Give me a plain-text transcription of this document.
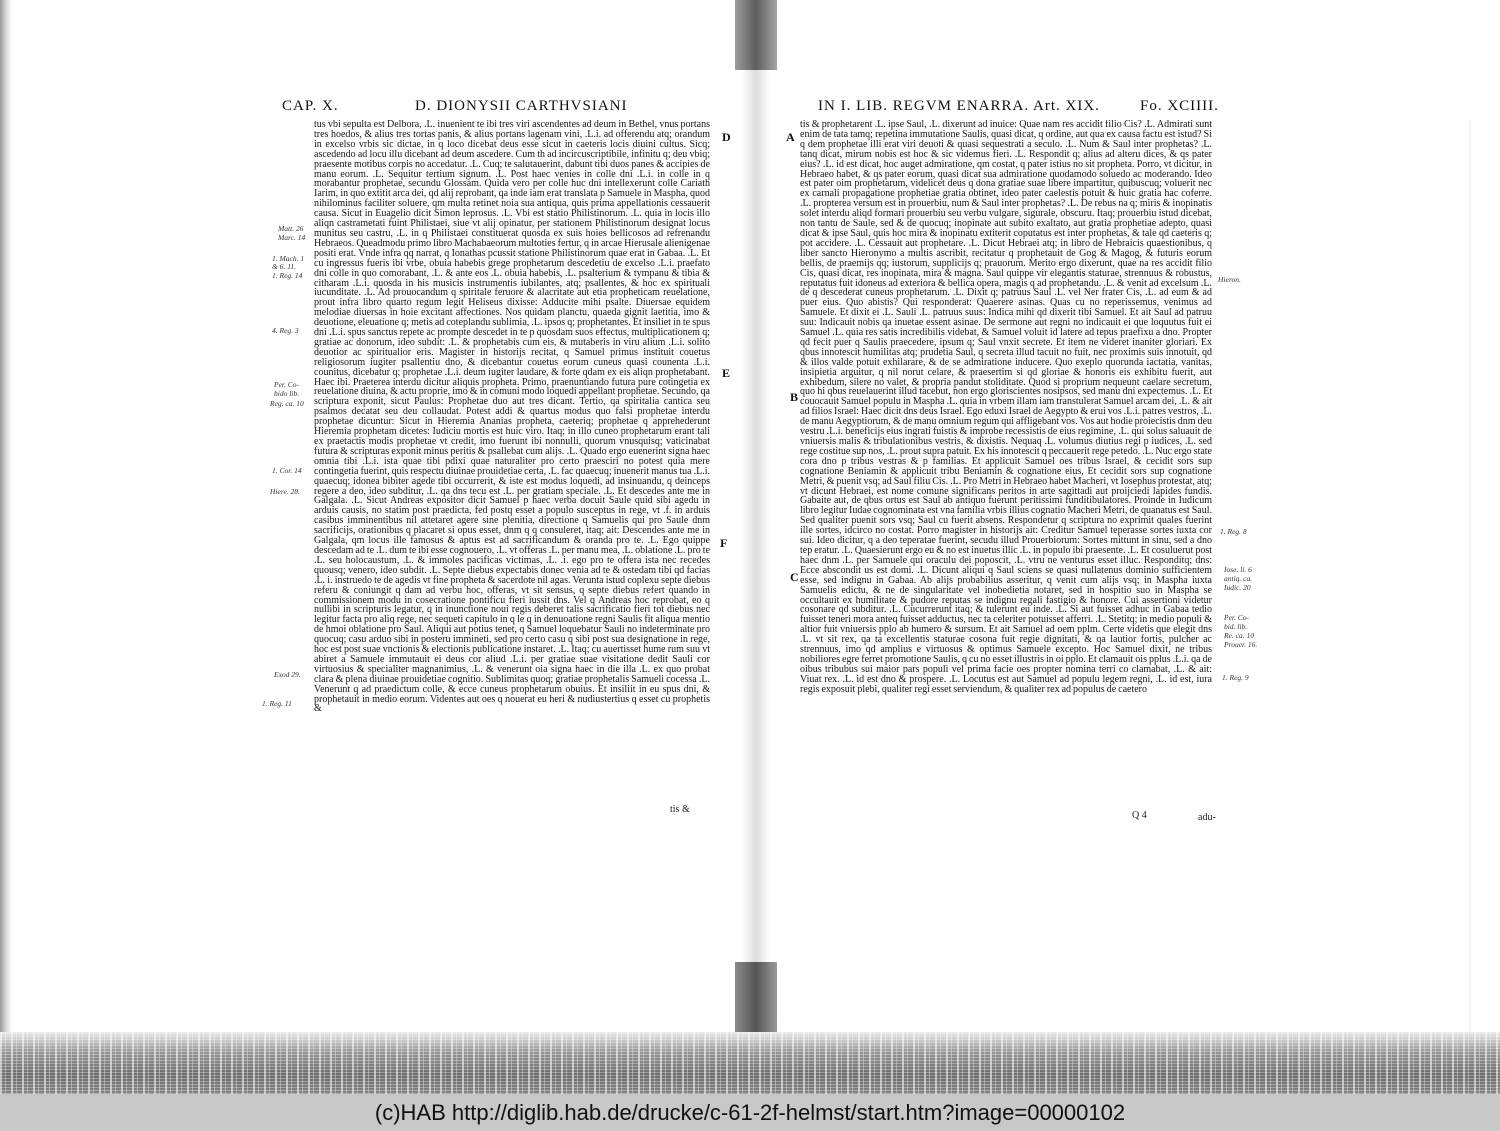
CAP. X.	D. DIONYSII CARTHVSIANI

tus vbi sepulta est Delbora, .L. inuenient te ibi tres viri ascendentes ad deum in Bethel, vnus portans tres hoedos, & alius tres tortas panis, & alius portans lagenam vini, .L.i. ad offerendu atq; orandum in excelso vrbis sic dictae, in q loco dicebat deus esse sicut in caeteris locis diuini cultus. Sicq; ascedendo ad locu illu dicebant ad deum ascedere. Cum th ad incircuscriptibile, infinitu q; deu vbiq; praesente motibus corpis no accedatur. .L. Cuq; te salutauerint, dabunt tibi duos panes & accipies de manu eorum. .L. Sequitur tertium signum. .L. Post haec venies in colle dni .L.i. in colle in q morabantur prophetae, secundu Glossam. Quida vero per colle huc dni intellexerunt colle Cariath Iarim, in quo extitit arca dei, qd alij reprobant, qa inde iam erat translata p Samuele in Maspha, quod nihilominus faciliter soluere, qm multa retinet noia sua antiqua, quis prima appellationis cessauerit causa. Sicut in Euagelio dicit Simon leprosus. .L. Vbi est statio Philistinorum. .L. quia in locis illo aliqn castrametati fuint Philistaei, siue vt alij opinatur, per stationem Philistinorum designat locus munitus seu castru, .L. in q Philistaei constituerat quosda ex suis hoies bellicosos ad refrenandu Hebraeos. Queadmodu primo libro Machabaeorum multoties fertur, q in arcae Hierusale alienigenae positi erat. Vnde infra qq narrat, q Ionathas pcussit statione Philistinorum quae erat in Gabaa. .L. Et cu ingressus fueris ibi vrbe, obuia habebis grege prophetarum descedetiu de excelso .L.i. praefato dni colle in quo comorabant, .L. & ante eos .L. obuia habebis, .L. psalterium & tympanu & tibia & citharam .L.i. quosda in his musicis instrumentis iubilantes, atq; psallentes, & hoc ex spirituali iucunditate. .L. Ad prouocandum q spiritale feruore & alacritate aut etia propheticam reuelatione, prout infra libro quarto regum legit Heliseus dixisse: Adducite mihi psalte. Diuersae equidem melodiae diuersas in hoie excitant affectiones. Nos quidam planctu, quaeda gignit laetitia, imo & deuotione, eleuatione q; metis ad coteplandu sublimia, .L. ipsos q; prophetantes. Et insiliet in te spus dni .L.i. spus sanctus repete ac prompte descedet in te p quosdam suos effectus, multiplicationem q; gratiae ac donorum, ideo subdit: .L. & prophetabis cum eis, & mutaberis in viru alium .L.i. solito deuotior ac spiritualior eris. Magister in historijs recitat, q Samuel primus instituit couetus religiosorum iugiter psallentiu dno, & dicebantur couetus eorum cuneus quasi counenta .L.i. counitus, dicebatur q; prophetae .L.i. deum iugiter laudare, & forte qdam ex eis aliqn prophetabant. Haec ibi. Praeterea interdu dicitur aliquis propheta. Primo, praenuntiando futura pure cotingetia ex reuelatione diuina, & actu proprie, imo & in comuni modo loquedi appellant prophetae. Secundo, qa scriptura exponit, sicut Paulus: Prophetae duo aut tres dicant. Tertio, qa spiritalia cantica seu psalmos decatat seu deu collaudat. Potest addi & quartus modus quo falsi prophetae interdu prophetae dicuntur: Sicut in Hieremia Ananias propheta, caeteriq; prophetae q apprehederunt Hieremia prophetam dicetes: Iudiciu mortis est huic viro. Itaq; in illo cuneo prophetarum erant tali ex praetactis modis prophetae vt credit, imo fuerunt ibi nonnulli, quorum vnusquisq; vaticinabat futura & scripturas exponit minus peritis & psallebat cum alijs. .L. Quado ergo euenerint signa haec omnia tibi .L.i. ista quae tibi pdixi quae naturaliter pro certo praesciri no potest quia mere contingetia fuerint, quis respectu diuinae prouidetiae certa, .L. fac quaecuq; inuenerit manus tua .L.i. quaecuq; idonea bibiter agede tibi occurrerit, & iste est modus loquedi, ad insinuandu, q deinceps regere a deo, ideo subditur, .L. qa dns tecu est .L. per gratiam speciale. .L. Et descedes ante me in Galgala. .L. Sicut Andreas expositor dicit Samuel p haec verba docuit Saule quid sibi agedu in arduis causis, no statim post praedicta, fed postq esset a populo susceptus in rege, vt .f. in arduis casibus imminentibus nil attetaret agere sine plenitia, directione q Samuelis qui pro Saule dnm sacrificijs, orationibus q placaret si opus esset, dnm q q consuleret, itaq; ait: Descendes ante me in Galgala, qm locus ille famosus & aptus est ad sacrificandum & oranda pro te. .L. Ego quippe descedam ad te .L. dum te ibi esse cognouero, .L. vt offeras .L. per manu mea, .L. oblatione .L. pro te .L. seu holocaustum, .L. & immoles pacificas victimas, .L. .i. ego pro te offera ista nec recedes quousq; venero, ideo subdit. .L. Septe diebus expectabis donec venia ad te & ostedam tibi qd facias .L. i. instruedo te de agedis vt fine propheta & sacerdote nil agas. Verunta istud coplexu septe diebus referu & coniungit q dam ad verbu hoc, offeras, vt sit sensus, q septe diebus refert quando in commissionem modu in cosecratione pontificu fieri iussit dns. Vel q Andreas hoc reprobat, eo q nullibi in scripturis legatur, q in inunctione noui regis deberet talis sacrificatio fieri tot diebus nec legitur facta pro aliq rege, nec sequeti capitulo in q le q in denuoatione regni Saulis fit aliqua mentio de hmoi oblatione pro Saul. Aliqui aut potius tenet, q Samuel loquebatur Sauli no indeterminate pro quocuq; casu arduo sibi in posteru immineti, sed pro certo casu q sibi post sua designatione in rege, hoc est post suae vnctionis & electionis publicatione instaret. .L. Itaq; cu auertisset hume rum suu vt abiret a Samuele immutauit ei deus cor aliud .L.i. per gratiae suae visitatione dedit Sauli cor virtuosius & specialiter magnanimius, .L. & venerunt oia signa haec in die illa .L. ex quo probat clara & plena diuinae prouidetiae cognitio. Sublimitas quoq; gratiae prophetalis Samueli cocessa .L. Venerunt q ad praedictum colle, & ecce cuneus prophetarum obuius. Et insiliit in eu spus dni, & prophetauit in medio eorum. Videntes aut oes q nouerat eu heri & nudiustertius q esset cu prophetis &

tis &
Matt. 26
Marc. 14
1. Mach. 1
& 6. 11.
1. Reg. 14
4. Reg. 3
Per. Co-
bido lib.
Reg. ca. 10
1. Cor. 14
Hiere. 28.
Exod 29.
1. Reg. 11
D
E
F
IN I. LIB. REGVM ENARRA. Art. XIX.	Fo. XCIIII.

tis & prophetarent .L. ipse Saul, .L. dixerunt ad inuice: Quae nam res accidit filio Cis? .L. Admirati sunt enim de tata tamq; repetina immutatione Saulis, quasi dicat, q ordine, aut qua ex causa factu est istud? Si q dem prophetae illi erat viri deuoti & quasi sequestrati a seculo. .L. Num & Saul inter prophetas? .L. tanq dicat, mirum nobis est hoc & sic videmus fieri. .L. Respondit q; alius ad alteru dices, & qs pater eius? .L. id est dicat, hoc auget admiratione, qm costat, q pater istius no sit propheta. Porro, vt dicitur, in Hebraeo habet, & qs pater eorum, quasi dicat sua admiratione quodamodo soluedo ac moderando. Ideo est pater oim prophetarum, videlicet deus q dona gratiae suae libere impartitur, quibuscuq; voluerit nec ex carnali propagatione prophetiae gratia obtinet, ideo pater caelestis potuit & huic gratia hac coferre. .L. propterea versum est in prouerbiu, num & Saul inter prophetas? .L. De rebus na q; miris & inopinatis solet interdu aliqd formari prouerbiu seu verbu vulgare, sigurale, obscuru. Itaq; prouerbiu istud dicebat, non tantu de Saule, sed & de quocuq; inopinate aut subito exaltato, aut gratia prophetiae adepto, quasi dicat & ipse Saul, quis hoc mira & inopinatu extiterit coputatus est inter prophetas, & tale qd caeteris q; pot accidere. .L. Cessauit aut prophetare. .L. Dicut Hebraei atq; in libro de Hebraicis quaestionibus, q liber sancto Hieronymo a multis ascribit, recitatur q prophetauit de Gog & Magog, & futuris eorum bellis, de praemijs qq; iustorum, supplicijs q; prauorum. Merito ergo dixerunt, quae na res accidit filio Cis, quasi dicat, res inopinata, mira & magna. Saul quippe vir elegantis staturae, strennuus & robustus, reputatus fuit idoneus ad exteriora & bellica opera, magis q ad prophetandu. .L. & venit ad excelsum .L. de q descederat cuneus prophetarum. .L. Dixit q; patruus Saul .L. vel Ner frater Cis, .L. ad eum & ad puer eius. Quo abistis? Qui responderat: Quaerere asinas. Quas cu no reperissemus, venimus ad Samuele. Et dixit ei .L. Sauli .L. patruus suus: Indica mihi qd dixerit tibi Samuel. Et ait Saul ad patruu suu: Indicauit nobis qa inuetae essent asinae. De sermone aut regni no indicauit ei que loquutus fuit ei Samuel .L. quia res satis incredibilis videbat, & Samuel voluit id latere ad tepus praefixu a dno. Propter qd fecit puer q Saulis praecedere, ipsum q; Saul vnxit secrete. Et item ne videret inaniter gloriari. Ex qbus innotescit humilitas atq; prudetia Saul, q secreta illud tacuit no fuit, nec proximis suis innotuit, qd & illos valde potuit exhilarare, & de se admiratione inducere. Quo exeplo quorunda iactatia, vanitas, insipietia arguitur, q nil norut celare, & praesertim si qd gloriae & honoris eis exhibitu fuerit, aut exhibedum, silere no valet, & propria pandut stoliditate. Quod si proprium nequeunt caelare secretum, quo hi qbus reuelauerint illud tacebut, non ergo gloriscientes nosipsos, sed manu dni expectemus. .L. Et couocauit Samuel populu in Maspha .L. quia in vrbem illam iam transtulerat Samuel arcam dei, .L. & ait ad filios Israel: Haec dicit dns deus Israel. Ego eduxi Israel de Aegypto & erui vos .L.i. patres vestros, .L. de manu Aegyptiorum, & de manu omnium regum qui affligebant vos. Vos aut hodie proiecistis dnm deu vestru .L.i. beneficijs eius ingrati fuistis & improbe recessistis de eius regimine, .L. qui solus saluauit de vniuersis malis & tribulationibus vestris, & dixistis. Nequaq .L. volumus diutius regi p iudices, .L. sed rege costitue sup nos, .L. prout supra patuit. Ex his innotescit q peccauerit rege petedo. .L. Nuc ergo state cora dno p tribus vestras & p familias. Et applicuit Samuel oes tribus Israel, & cecidit sors sup cognatione Beniamin & applicuit tribu Beniamin & cognatione eius, Et cecidit sors sup cognatione Metri, & puenit vsq; ad Saul filiu Cis. .L. Pro Metri in Hebraeo habet Macheri, vt Iosephus protestat, atq; vt dicunt Hebraei, est nome comune significans peritos in arte sagittadi aut proijciedi lapides fundis. Gabaite aut, de qbus ortus est Saul ab antiquo fuerunt peritissimi funditibulatores. Proinde in Iudicum libro legitur Iudae cognominata est vna familia vrbis illius cognatio Macheri Metri, de quanatus est Saul. Sed qualiter puenit sors vsq; Saul cu fuerit absens. Respondetur q scriptura no exprimit quales fuerint ille sortes, idcirco no costat. Porro magister in historijs ait: Creditur Samuel teperasse sortes iuxta cor sui. Ideo dicitur, q a deo teperatae fuerint, secudu illud Prouerbiorum: Sortes mittunt in sinu, sed a dno tep eratur. .L. Quaesierunt ergo eu & no est inuetus illic .L. in populo ibi praesente. .L. Et cosuluerut post haec dnm .L. per Samuele qui oraculu dei poposcit, .L. vtru ne venturus esset illuc. Responditq; dns: Ecce abscondit us est domi. .L. Dicunt aliqui q Saul sciens se quasi nullatenus dominio sufficientem esse, sed indignu in Gabaa. Ab alijs probabilius asseritur, q venit cum alijs vsq; in Maspha iuxta Samuelis edictu, & ne de singularitate vel inobedietia notaret, sed in hospitio suo in Maspha se occultauit ex humilitate & pudore reputas se indignu regali fastigio & honore. Cui assertioni videtur cosonare qd subditur. .L. Cucurrerunt itaq; & tulerunt eu inde. .L. Si aut fuisset adhuc in Gabaa tedio fuisset teneri mora anteq fuisset adductus, nec ta celeriter potuisset afferri. .L. Stetitq; in medio populi & altior fuit vniuersis pplo ab humero & sursum. Et ait Samuel ad oem pplm. Certe videtis que elegit dns .L. vt sit rex, qa ta excellentis staturae cosona fuit regie dignitati, & qa lautior fortis, pulcher ac strennuus, imo qd amplius e virtuosus & optimus Samuele excepto. Hoc Samuel dixit, ne tribus nobiliores egre ferret promotione Saulis, q cu no esset illustris in oi pplo. Et clamauit ois pplus .L.i. qa de oibus tribubus sui maior pars populi vel prima facie oes propter nomina terri co clamabat, .L. & ait: Viuat rex. .L. id est dno & prospere. .L. Locutus est aut Samuel ad populu legem regni, .L. id est, iura regis exposuit plebi, qualiter regi esset serviendum, & qualiter rex ad populus de caetero

Q 4	adu-
Hieron.
1. Reg. 8
Iose. li. 6
antiq. ca.
Iudic. 20
Per. Co-
bid. lib.
Re. ca. 10
Prouer. 16.
1. Reg. 9
A
B
C
(c)HAB http://diglib.hab.de/drucke/c-61-2f-helmst/start.htm?image=00000102
